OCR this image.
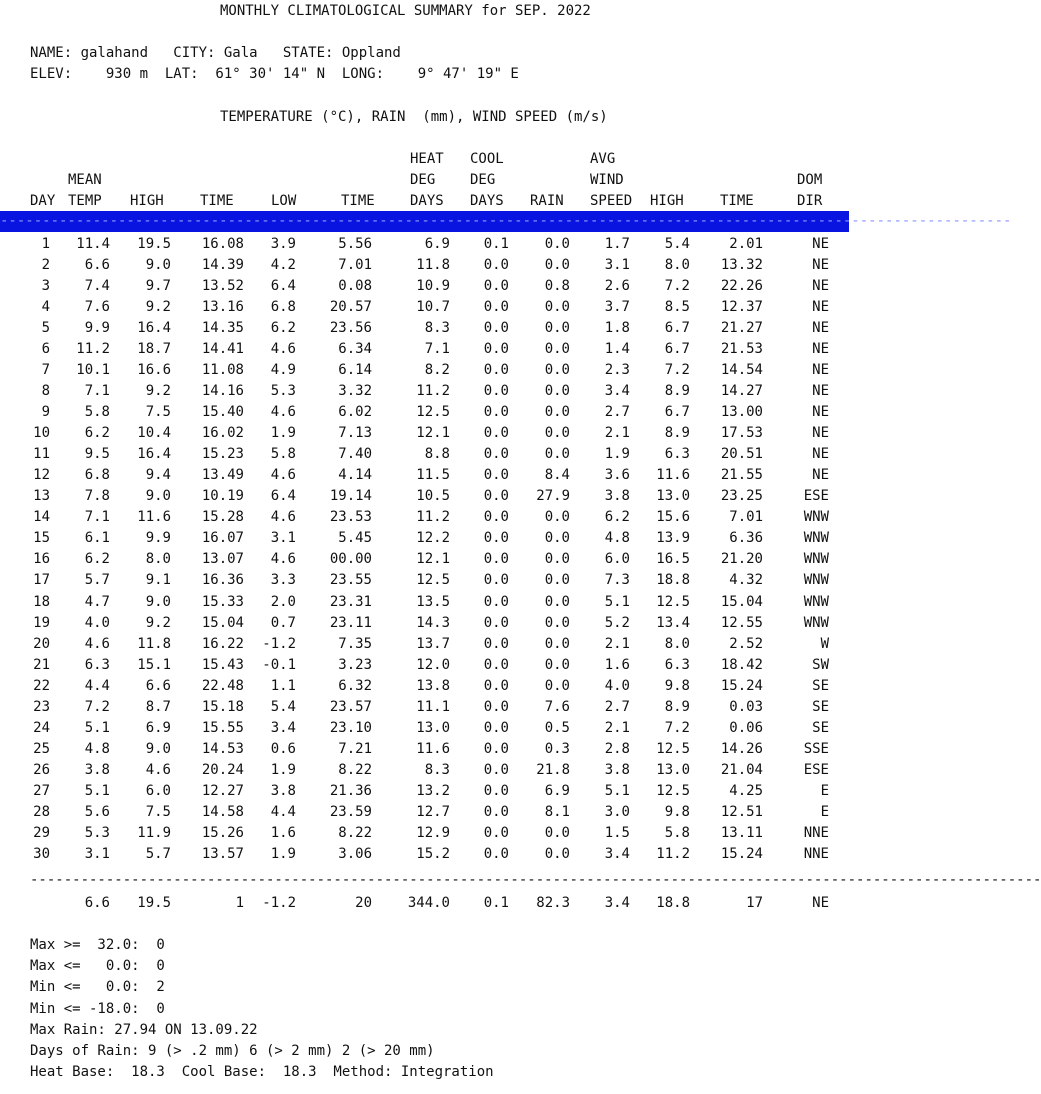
MONTHLY CLIMATOLOGICAL SUMMARY for SEP. 2022
NAME: galahand   CITY: Gala   STATE: Oppland
ELEV:    930 m  LAT:  61° 30' 14" N  LONG:    9° 47' 19" E
TEMPERATURE (°C), RAIN  (mm), WIND SPEED (m/s)
HEAT COOL	AVG
MEAN	DEG DEG	WIND	DOM
DAY TEMP HIGH	TIME	LOW	TIME	DAYS DAYS RAIN SPEED HIGH	TIME	DIR
------------------------------------------------------------------------------------------------------------------------
1	11.4	19.5	16.08	3.9	5.56	6.9	0.1	0.0	1.7	5.4	2.01	NE
2	6.6	9.0	14.39	4.2	7.01	11.8	0.0	0.0	3.1	8.0	13.32	NE
3	7.4	9.7	13.52	6.4	0.08	10.9	0.0	0.8	2.6	7.2	22.26	NE
4	7.6	9.2	13.16	6.8	20.57	10.7	0.0	0.0	3.7	8.5	12.37	NE
5	9.9	16.4	14.35	6.2	23.56	8.3	0.0	0.0	1.8	6.7	21.27	NE
6	11.2	18.7	14.41	4.6	6.34	7.1	0.0	0.0	1.4	6.7	21.53	NE
7	10.1	16.6	11.08	4.9	6.14	8.2	0.0	0.0	2.3	7.2	14.54	NE
8	7.1	9.2	14.16	5.3	3.32	11.2	0.0	0.0	3.4	8.9	14.27	NE
9	5.8	7.5	15.40	4.6	6.02	12.5	0.0	0.0	2.7	6.7	13.00	NE
10	6.2	10.4	16.02	1.9	7.13	12.1	0.0	0.0	2.1	8.9	17.53	NE
11	9.5	16.4	15.23	5.8	7.40	8.8	0.0	0.0	1.9	6.3	20.51	NE
12	6.8	9.4	13.49	4.6	4.14	11.5	0.0	8.4	3.6	11.6	21.55	NE
13	7.8	9.0	10.19	6.4	19.14	10.5	0.0	27.9	3.8	13.0	23.25	ESE
14	7.1	11.6	15.28	4.6	23.53	11.2	0.0	0.0	6.2	15.6	7.01	WNW
15	6.1	9.9	16.07	3.1	5.45	12.2	0.0	0.0	4.8	13.9	6.36	WNW
16	6.2	8.0	13.07	4.6	00.00	12.1	0.0	0.0	6.0	16.5	21.20	WNW
17	5.7	9.1	16.36	3.3	23.55	12.5	0.0	0.0	7.3	18.8	4.32	WNW
18	4.7	9.0	15.33	2.0	23.31	13.5	0.0	0.0	5.1	12.5	15.04	WNW
19	4.0	9.2	15.04	0.7	23.11	14.3	0.0	0.0	5.2	13.4	12.55	WNW
20	4.6	11.8	16.22	-1.2	7.35	13.7	0.0	0.0	2.1	8.0	2.52	W
21	6.3	15.1	15.43	-0.1	3.23	12.0	0.0	0.0	1.6	6.3	18.42	SW
22	4.4	6.6	22.48	1.1	6.32	13.8	0.0	0.0	4.0	9.8	15.24	SE
23	7.2	8.7	15.18	5.4	23.57	11.1	0.0	7.6	2.7	8.9	0.03	SE
24	5.1	6.9	15.55	3.4	23.10	13.0	0.0	0.5	2.1	7.2	0.06	SE
25	4.8	9.0	14.53	0.6	7.21	11.6	0.0	0.3	2.8	12.5	14.26	SSE
26	3.8	4.6	20.24	1.9	8.22	8.3	0.0	21.8	3.8	13.0	21.04	ESE
27	5.1	6.0	12.27	3.8	21.36	13.2	0.0	6.9	5.1	12.5	4.25	E
28	5.6	7.5	14.58	4.4	23.59	12.7	0.0	8.1	3.0	9.8	12.51	E
29	5.3	11.9	15.26	1.6	8.22	12.9	0.0	0.0	1.5	5.8	13.11	NNE
30	3.1	5.7	13.57	1.9	3.06	15.2	0.0	0.0	3.4	11.2	15.24	NNE
------------------------------------------------------------------------------------------------------------------------
6.6	19.5	1	-1.2	20	344.0	0.1	82.3	3.4	18.8	17	NE
Max >=  32.0:  0
Max <=   0.0:  0
Min <=   0.0:  2
Min <= -18.0:  0
Max Rain: 27.94 ON 13.09.22
Days of Rain: 9 (> .2 mm) 6 (> 2 mm) 2 (> 20 mm)
Heat Base:  18.3  Cool Base:  18.3  Method: Integration
